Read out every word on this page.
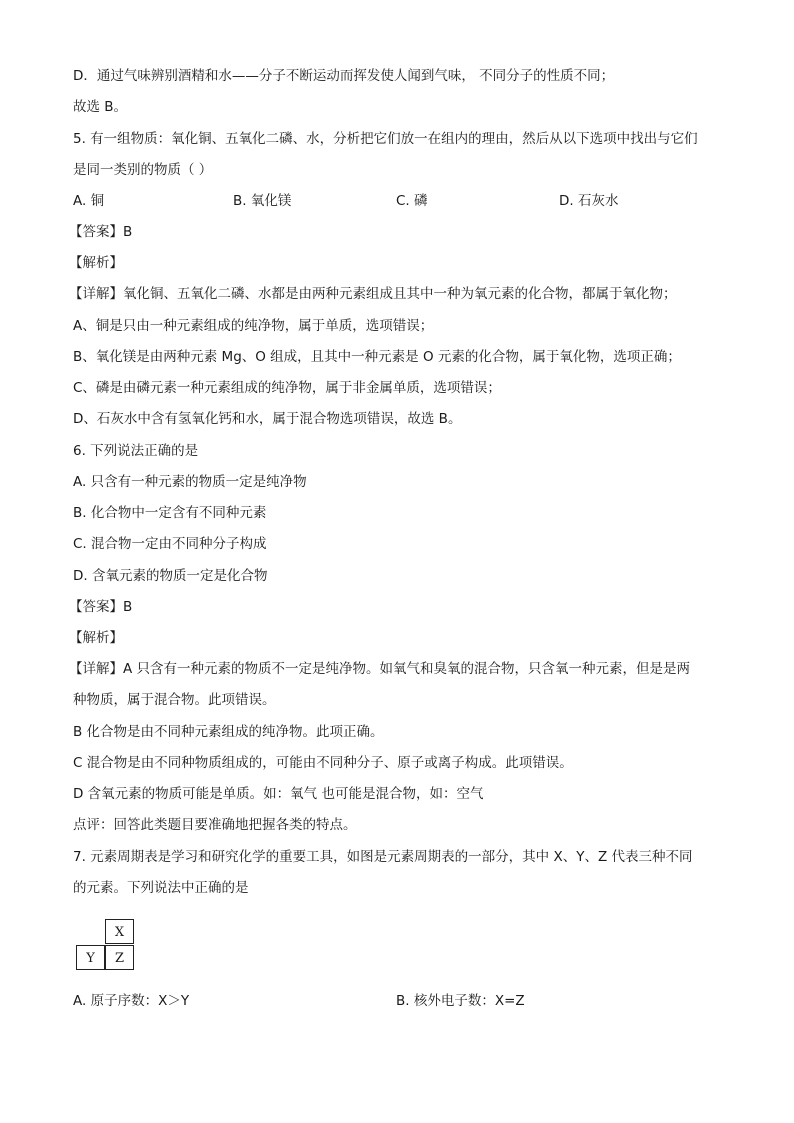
D．通过气味辨别酒精和水——分子不断运动而挥发使人闻到气味， 不同分子的性质不同；
故选 B。
5. 有一组物质：氧化铜、五氧化二磷、水，分析把它们放一在组内的理由，然后从以下选项中找出与它们
是同一类别的物质（ ）
A. 铜	B. 氧化镁	C. 磷	D. 石灰水
【答案】B
【解析】
【详解】氧化铜、五氧化二磷、水都是由两种元素组成且其中一种为氧元素的化合物，都属于氧化物；
A、铜是只由一种元素组成的纯净物，属于单质，选项错误；
B、氧化镁是由两种元素 Mg、O 组成，且其中一种元素是 O 元素的化合物，属于氧化物，选项正确；
C、磷是由磷元素一种元素组成的纯净物，属于非金属单质，选项错误；
D、石灰水中含有氢氧化钙和水，属于混合物选项错误，故选 B。
6. 下列说法正确的是
A. 只含有一种元素的物质一定是纯净物
B. 化合物中一定含有不同种元素
C. 混合物一定由不同种分子构成
D. 含氧元素的物质一定是化合物
【答案】B
【解析】
【详解】A 只含有一种元素的物质不一定是纯净物。如氧气和臭氧的混合物，只含氧一种元素，但是是两
种物质，属于混合物。此项错误。
B 化合物是由不同种元素组成的纯净物。此项正确。
C 混合物是由不同种物质组成的，可能由不同种分子、原子或离子构成。此项错误。
D 含氧元素的物质可能是单质。如：氧气 也可能是混合物，如：空气
点评：回答此类题目要准确地把握各类的特点。
7. 元素周期表是学习和研究化学的重要工具，如图是元素周期表的一部分，其中 X、Y、Z 代表三种不同
的元素。下列说法中正确的是
X
Y	Z
A. 原子序数：X＞Y	B. 核外电子数：X=Z
